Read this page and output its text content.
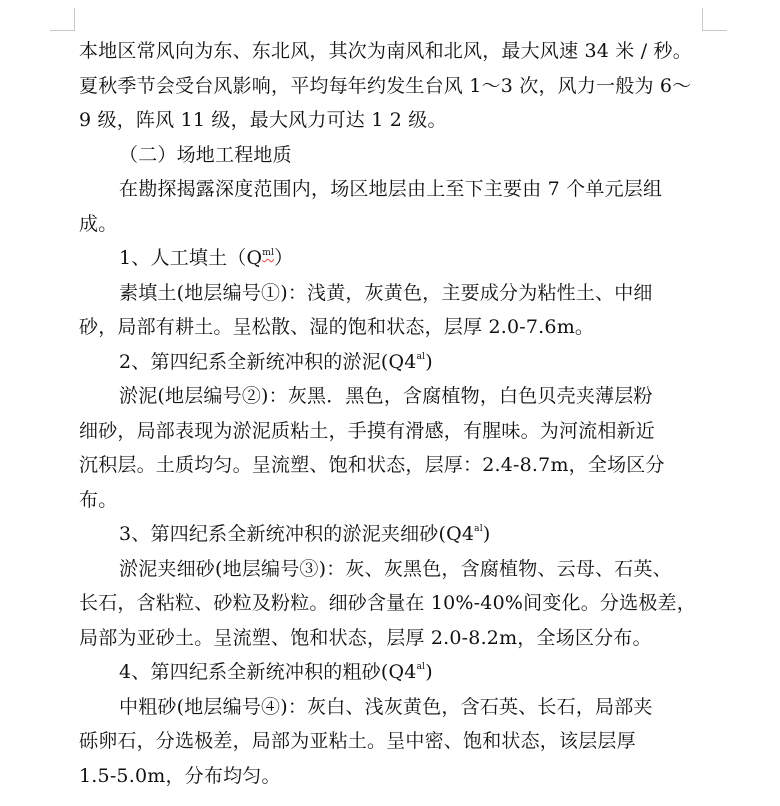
本地区常风向为东、东北风，其次为南风和北风，最大风速 34 米 / 秒。

夏秋季节会受台风影响，平均每年约发生台风 1～3 次，风力一般为 6～

9 级，阵风 11 级，最大风力可达 1 2 级。

（二）场地工程地质

在勘探揭露深度范围内，场区地层由上至下主要由 7 个单元层组

成。

1、人工填土$(Q^{ml})$

素填土(地层编号①)：浅黄，灰黄色，主要成分为粘性土、中细

砂，局部有耕土。呈松散、湿的饱和状态，层厚 2.0-7.6m。

2、第四纪系全新统冲积的淤泥$(Q4^{al})$

淤泥(地层编号②)：灰黑．黑色，含腐植物，白色贝壳夹薄层粉

细砂，局部表现为淤泥质粘土，手摸有滑感，有腥味。为河流相新近

沉积层。土质均匀。呈流塑、饱和状态，层厚：2.4-8.7m，全场区分

布。

3、第四纪系全新统冲积的淤泥夹细砂$(Q4^{al})$

淤泥夹细砂(地层编号③)：灰、灰黑色，含腐植物、云母、石英、

长石，含粘粒、砂粒及粉粒。细砂含量在 10%-40%间变化。分选极差，

局部为亚砂土。呈流塑、饱和状态，层厚 2.0-8.2m，全场区分布。

4、第四纪系全新统冲积的粗砂$(Q4^{al})$

中粗砂(地层编号④)：灰白、浅灰黄色，含石英、长石，局部夹

砾卵石，分选极差，局部为亚粘土。呈中密、饱和状态，该层层厚

1.5-5.0m，分布均匀。
